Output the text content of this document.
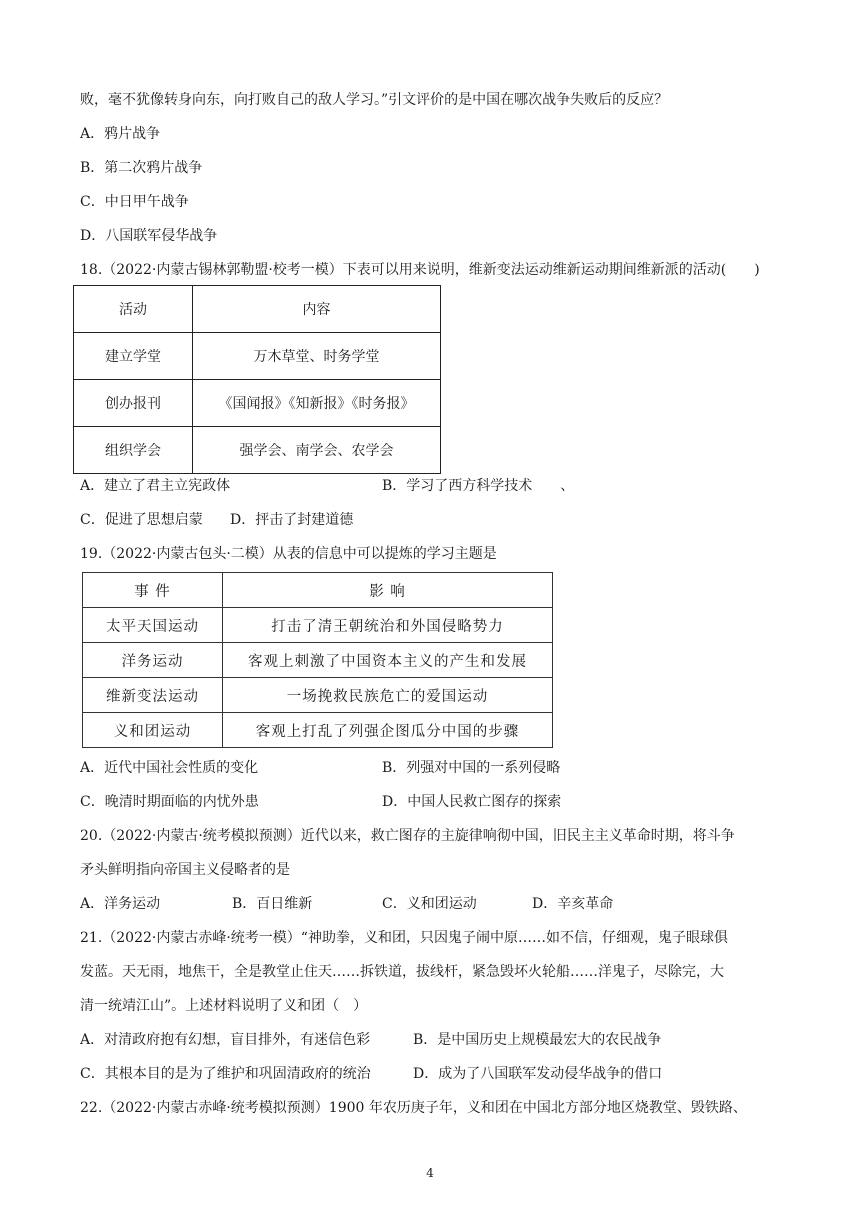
败，毫不犹像转身向东，向打败自己的敌人学习。”引文评价的是中国在哪次战争失败后的反应？
A．鸦片战争
B．第二次鸦片战争
C．中日甲午战争
D．八国联军侵华战争
18.（2022·内蒙古锡林郭勒盟·校考一模）下表可以用来说明，维新变法运动维新运动期间维新派的活动(　　)
活动	内容
建立学堂	万木草堂、时务学堂
创办报刊	《国闻报》《知新报》《时务报》
组织学会	强学会、南学会、农学会
A．建立了君主立宪政体	B．学习了西方科学技术　　、
C．促进了思想启蒙 D．抨击了封建道德
19.（2022·内蒙古包头·二模）从表的信息中可以提炼的学习主题是
事 件	影 响
太平天国运动	打击了清王朝统治和外国侵略势力
洋务运动	客观上刺激了中国资本主义的产生和发展
维新变法运动	一场挽救民族危亡的爱国运动
义和团运动	客观上打乱了列强企图瓜分中国的步骤
A．近代中国社会性质的变化	B．列强对中国的一系列侵略
C．晚清时期面临的内忧外患	D．中国人民救亡图存的探索
20.（2022·内蒙古·统考模拟预测）近代以来，救亡图存的主旋律响彻中国，旧民主主义革命时期，将斗争
矛头鲜明指向帝国主义侵略者的是
A．洋务运动	B．百日维新	C．义和团运动	D．辛亥革命
21.（2022·内蒙古赤峰·统考一模）“神助拳，义和团，只因鬼子闹中原……如不信，仔细观，鬼子眼球俱
发蓝。天无雨，地焦干，全是教堂止住天……拆铁道，拔线杆，紧急毁坏火轮船……洋鬼子，尽除完，大
清一统靖江山”。上述材料说明了义和团（　）
A．对清政府抱有幻想，盲目排外，有迷信色彩	B．是中国历史上规模最宏大的农民战争
C．其根本目的是为了维护和巩固清政府的统治	D．成为了八国联军发动侵华战争的借口
22.（2022·内蒙古赤峰·统考模拟预测）1900 年农历庚子年，义和团在中国北方部分地区烧教堂、毁铁路、
4
